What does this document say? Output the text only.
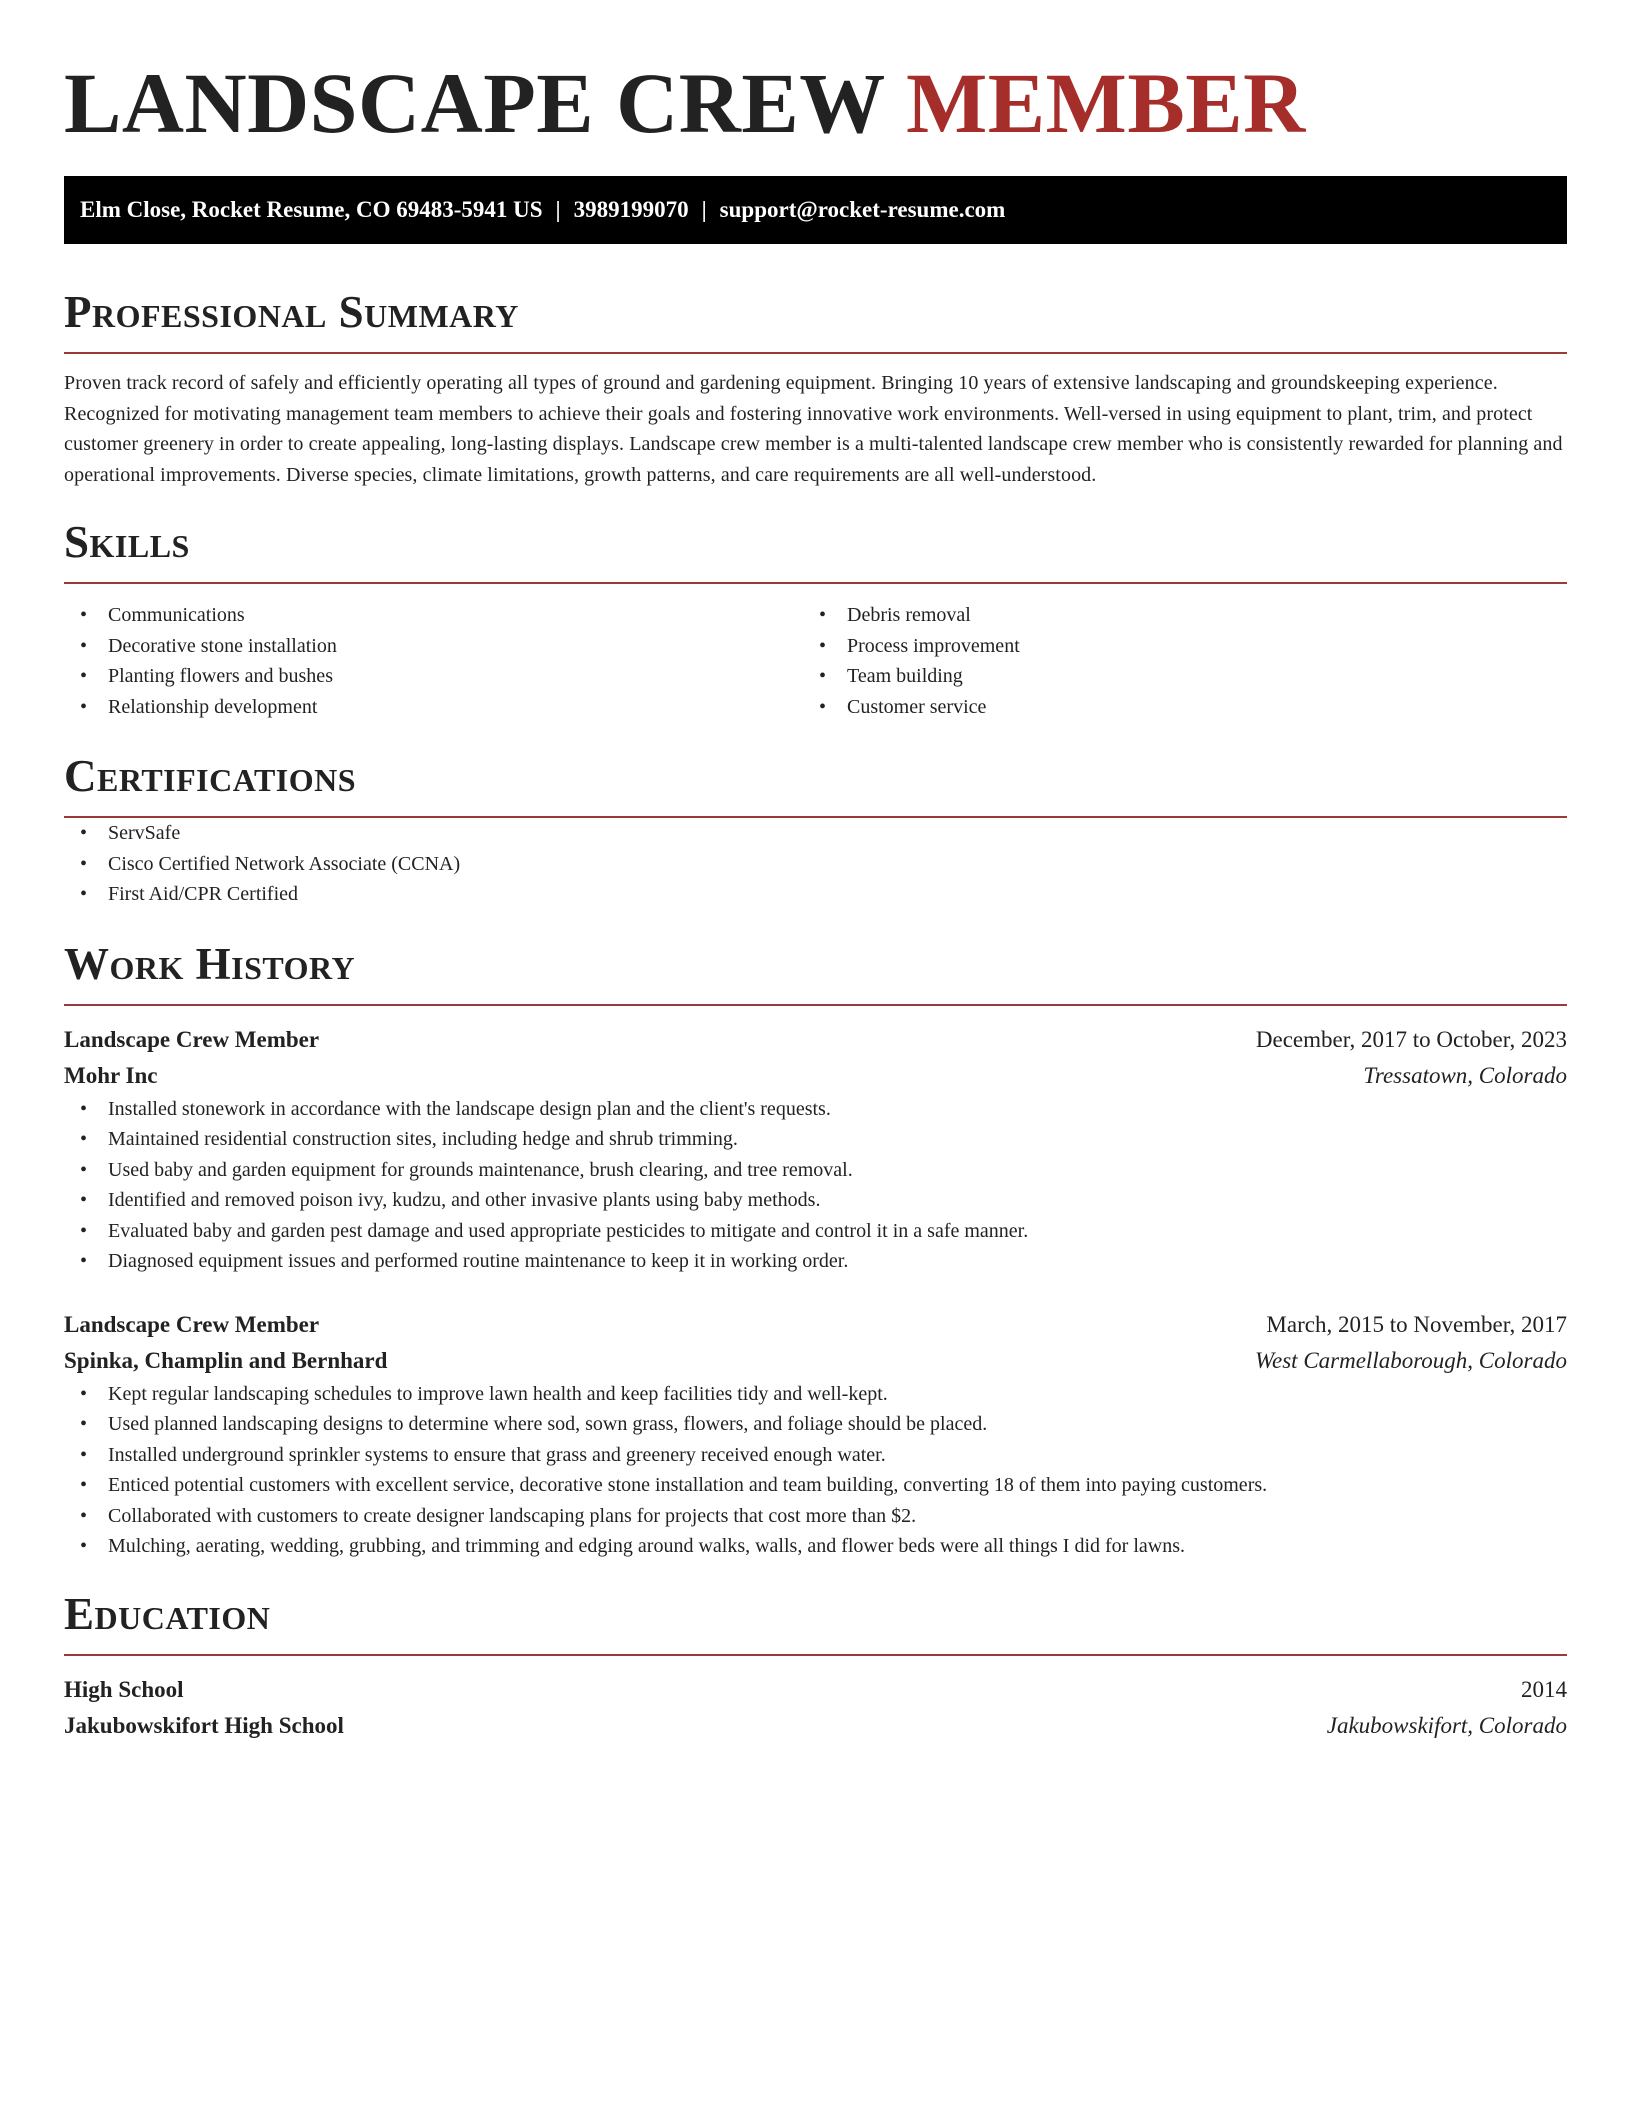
LANDSCAPE CREW MEMBER
Elm Close, Rocket Resume, CO 69483-5941 US | 3989199070 | support@rocket-resume.com
Professional Summary

Proven track record of safely and efficiently operating all types of ground and gardening equipment. Bringing 10 years of extensive landscaping and groundskeeping experience. Recognized for motivating management team members to achieve their goals and fostering innovative work environments. Well-versed in using equipment to plant, trim, and protect customer greenery in order to create appealing, long-lasting displays. Landscape crew member is a multi-talented landscape crew member who is consistently rewarded for planning and operational improvements. Diverse species, climate limitations, growth patterns, and care requirements are all well-understood.

Skills
• Communications
• Decorative stone installation
• Planting flowers and bushes
• Relationship development
• Debris removal
• Process improvement
• Team building
• Customer service
Certifications
• ServSafe
• Cisco Certified Network Associate (CCNA)
• First Aid/CPR Certified
Work History
Landscape Crew Member	December, 2017 to October, 2023
Mohr Inc	Tressatown, Colorado
• Installed stonework in accordance with the landscape design plan and the client's requests.
• Maintained residential construction sites, including hedge and shrub trimming.
• Used baby and garden equipment for grounds maintenance, brush clearing, and tree removal.
• Identified and removed poison ivy, kudzu, and other invasive plants using baby methods.
• Evaluated baby and garden pest damage and used appropriate pesticides to mitigate and control it in a safe manner.
• Diagnosed equipment issues and performed routine maintenance to keep it in working order.
Landscape Crew Member	March, 2015 to November, 2017
Spinka, Champlin and Bernhard	West Carmellaborough, Colorado
• Kept regular landscaping schedules to improve lawn health and keep facilities tidy and well-kept.
• Used planned landscaping designs to determine where sod, sown grass, flowers, and foliage should be placed.
• Installed underground sprinkler systems to ensure that grass and greenery received enough water.
• Enticed potential customers with excellent service, decorative stone installation and team building, converting 18 of them into paying customers.
• Collaborated with customers to create designer landscaping plans for projects that cost more than $2.
• Mulching, aerating, wedding, grubbing, and trimming and edging around walks, walls, and flower beds were all things I did for lawns.
Education
High School	2014
Jakubowskifort High School	Jakubowskifort, Colorado
